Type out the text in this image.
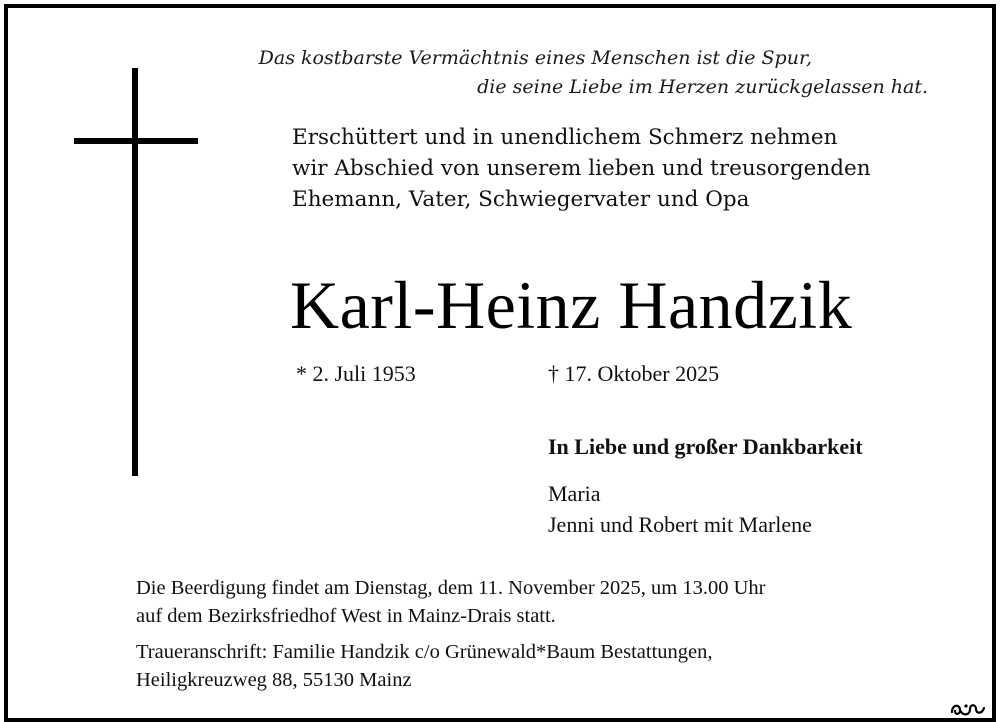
Das kostbarste Vermächtnis eines Menschen ist die Spur,
die seine Liebe im Herzen zurückgelassen hat.
Erschüttert und in unendlichem Schmerz nehmen
wir Abschied von unserem lieben und treusorgenden
Ehemann, Vater, Schwiegervater und Opa
Karl-Heinz Handzik
* 2. Juli 1953	† 17. Oktober 2025
In Liebe und großer Dankbarkeit
Maria
Jenni und Robert mit Marlene
Die Beerdigung findet am Dienstag, dem 11. November 2025, um 13.00 Uhr
auf dem Bezirksfriedhof West in Mainz-Drais statt.
Traueranschrift: Familie Handzik c/o Grünewald*Baum Bestattungen,
Heiligkreuzweg 88, 55130 Mainz
